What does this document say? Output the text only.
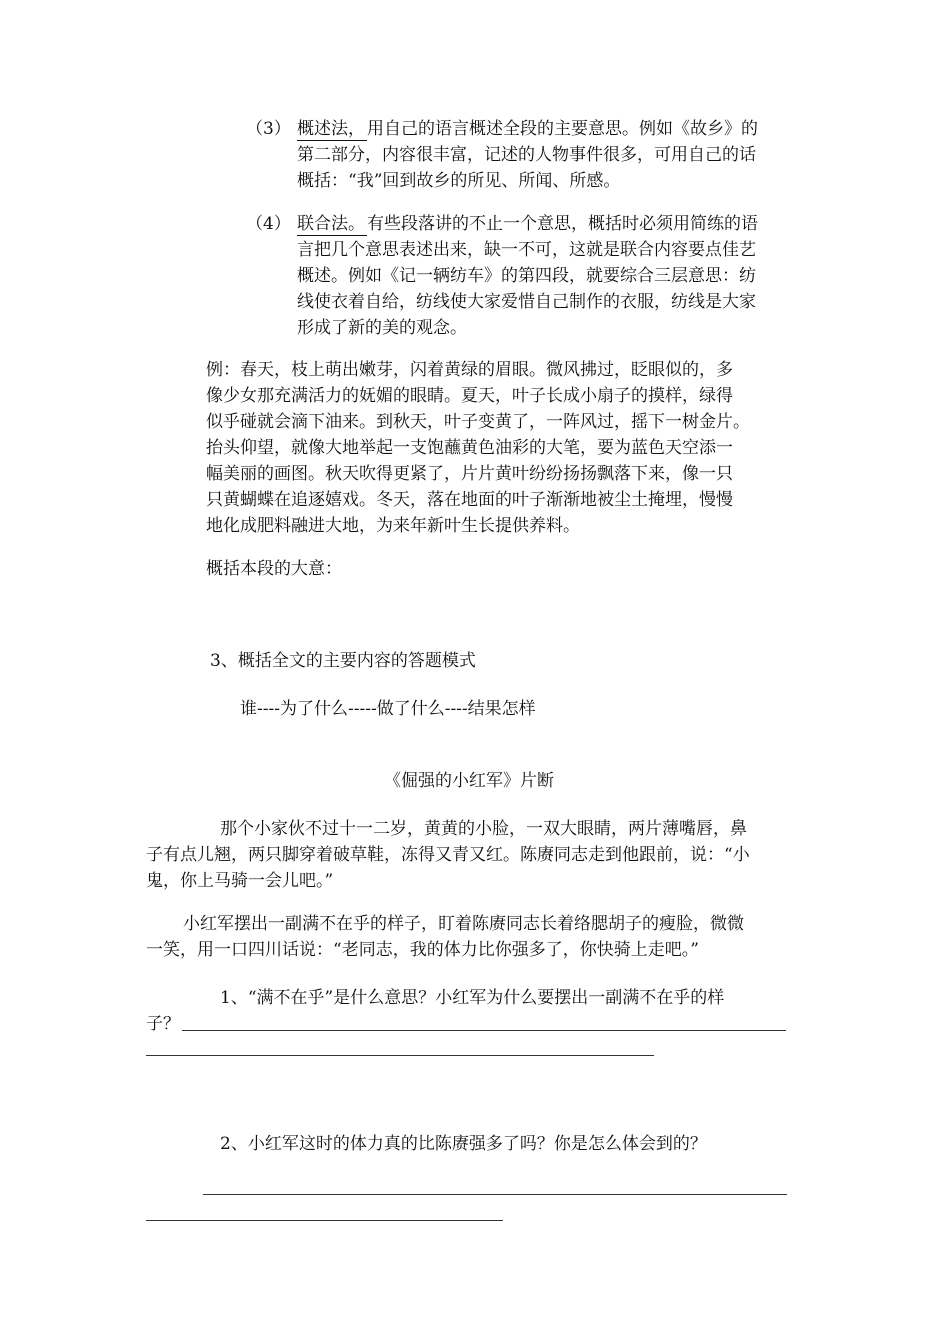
（3） 概述法， 用自己的语言概述全段的主要意思。例如《故乡》的
第二部分，内容很丰富，记述的人物事件很多，可用自己的话
概括：“我”回到故乡的所见、所闻、所感。
（4） 联合法。 有些段落讲的不止一个意思，概括时必须用简练的语
言把几个意思表述出来，缺一不可，这就是联合内容要点佳艺
概述。例如《记一辆纺车》的第四段，就要综合三层意思：纺
线使衣着自给，纺线使大家爱惜自己制作的衣服，纺线是大家
形成了新的美的观念。
例：春天，枝上萌出嫩芽，闪着黄绿的眉眼。微风拂过，眨眼似的，多
像少女那充满活力的妩媚的眼睛。夏天，叶子长成小扇子的摸样，绿得
似乎碰就会滴下油来。到秋天，叶子变黄了，一阵风过，摇下一树金片。
抬头仰望，就像大地举起一支饱蘸黄色油彩的大笔，要为蓝色天空添一
幅美丽的画图。秋天吹得更紧了，片片黄叶纷纷扬扬飘落下来，像一只
只黄蝴蝶在追逐嬉戏。冬天，落在地面的叶子渐渐地被尘土掩埋，慢慢
地化成肥料融进大地，为来年新叶生长提供养料。
概括本段的大意：
3、概括全文的主要内容的答题模式
谁----为了什么-----做了什么----结果怎样
《倔强的小红军》片断
那个小家伙不过十一二岁，黄黄的小脸，一双大眼睛，两片薄嘴唇，鼻
子有点儿翘，两只脚穿着破草鞋，冻得又青又红。陈赓同志走到他跟前，说：“小
鬼，你上马骑一会儿吧。”
小红军摆出一副满不在乎的样子，盯着陈赓同志长着络腮胡子的瘦脸，微微
一笑，用一口四川话说：“老同志，我的体力比你强多了，你快骑上走吧。”
1、“满不在乎”是什么意思？小红军为什么要摆出一副满不在乎的样
子？
2、小红军这时的体力真的比陈赓强多了吗？你是怎么体会到的？
